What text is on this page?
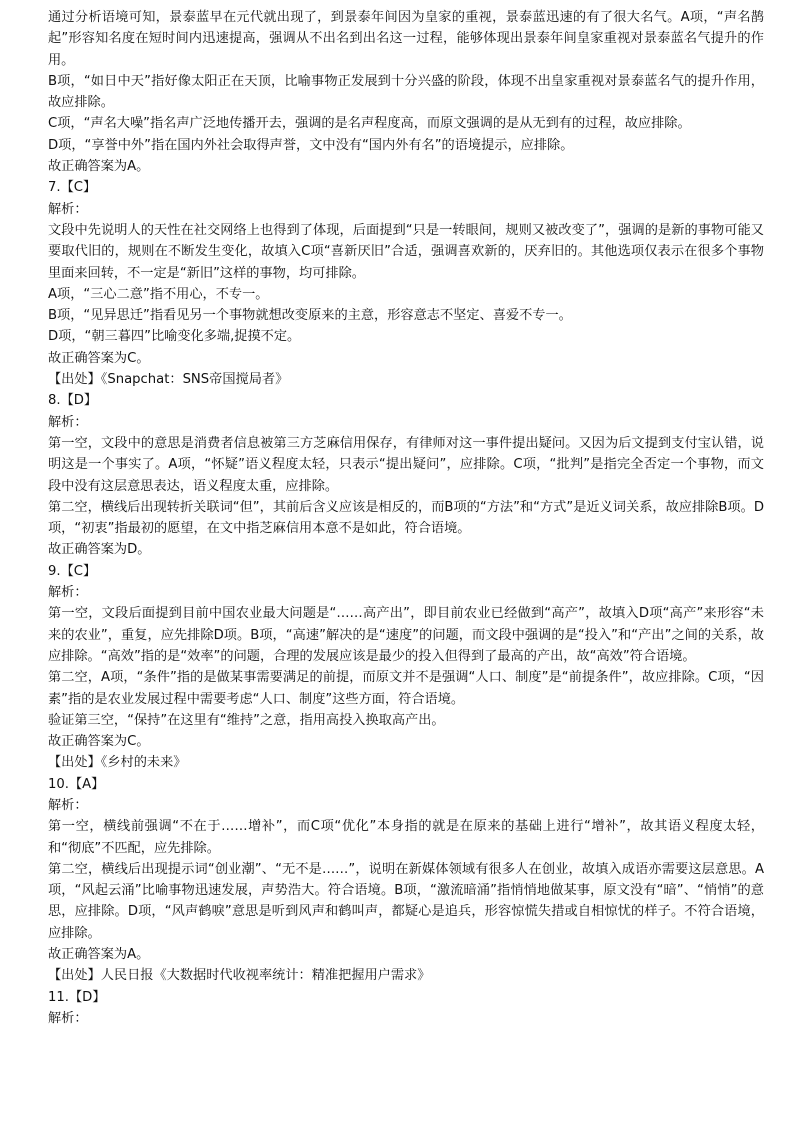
通过分析语境可知，景泰蓝早在元代就出现了，到景泰年间因为皇家的重视，景泰蓝迅速的有了很大名气。A项，“声名鹊起”形容知名度在短时间内迅速提高，强调从不出名到出名这一过程，能够体现出景泰年间皇家重视对景泰蓝名气提升的作用。

B项，“如日中天”指好像太阳正在天顶，比喻事物正发展到十分兴盛的阶段，体现不出皇家重视对景泰蓝名气的提升作用，故应排除。

C项，“声名大噪”指名声广泛地传播开去，强调的是名声程度高，而原文强调的是从无到有的过程，故应排除。

D项，“享誉中外”指在国内外社会取得声誉，文中没有“国内外有名”的语境提示，应排除。

故正确答案为A。

7.【C】

解析：

文段中先说明人的天性在社交网络上也得到了体现，后面提到“只是一转眼间，规则又被改变了”，强调的是新的事物可能又要取代旧的，规则在不断发生变化，故填入C项“喜新厌旧”合适，强调喜欢新的，厌弃旧的。其他选项仅表示在很多个事物里面来回转，不一定是“新旧”这样的事物，均可排除。

A项，“三心二意”指不用心，不专一。

B项，“见异思迁”指看见另一个事物就想改变原来的主意，形容意志不坚定、喜爱不专一。

D项，“朝三暮四”比喻变化多端,捉摸不定。

故正确答案为C。

【出处】《Snapchat：SNS帝国搅局者》

8.【D】

解析：

第一空，文段中的意思是消费者信息被第三方芝麻信用保存，有律师对这一事件提出疑问。又因为后文提到支付宝认错，说明这是一个事实了。A项，“怀疑”语义程度太轻，只表示“提出疑问”，应排除。C项，“批判”是指完全否定一个事物，而文段中没有这层意思表达，语义程度太重，应排除。

第二空，横线后出现转折关联词“但”，其前后含义应该是相反的，而B项的“方法”和“方式”是近义词关系，故应排除B项。D项，“初衷”指最初的愿望，在文中指芝麻信用本意不是如此，符合语境。

故正确答案为D。

9.【C】

解析：

第一空，文段后面提到目前中国农业最大问题是“……高产出”，即目前农业已经做到“高产”，故填入D项“高产”来形容“未来的农业”，重复，应先排除D项。B项，“高速”解决的是“速度”的问题，而文段中强调的是“投入”和“产出”之间的关系，故应排除。“高效”指的是“效率”的问题，合理的发展应该是最少的投入但得到了最高的产出，故“高效”符合语境。

第二空，A项，“条件”指的是做某事需要满足的前提，而原文并不是强调“人口、制度”是“前提条件”，故应排除。C项，“因素”指的是农业发展过程中需要考虑“人口、制度”这些方面，符合语境。

验证第三空，“保持”在这里有“维持”之意，指用高投入换取高产出。

故正确答案为C。

【出处】《乡村的未来》

10.【A】

解析：

第一空，横线前强调“不在于……增补”，而C项“优化”本身指的就是在原来的基础上进行“增补”，故其语义程度太轻，和“彻底”不匹配，应先排除。

第二空，横线后出现提示词“创业潮”、“无不是……”，说明在新媒体领域有很多人在创业，故填入成语亦需要这层意思。A项，“风起云涌”比喻事物迅速发展，声势浩大。符合语境。B项，“激流暗涌”指悄悄地做某事，原文没有“暗”、“悄悄”的意思，应排除。D项，“风声鹤唳”意思是听到风声和鹤叫声，都疑心是追兵，形容惊慌失措或自相惊忧的样子。不符合语境，应排除。

故正确答案为A。

【出处】人民日报《大数据时代收视率统计：精准把握用户需求》

11.【D】

解析：
